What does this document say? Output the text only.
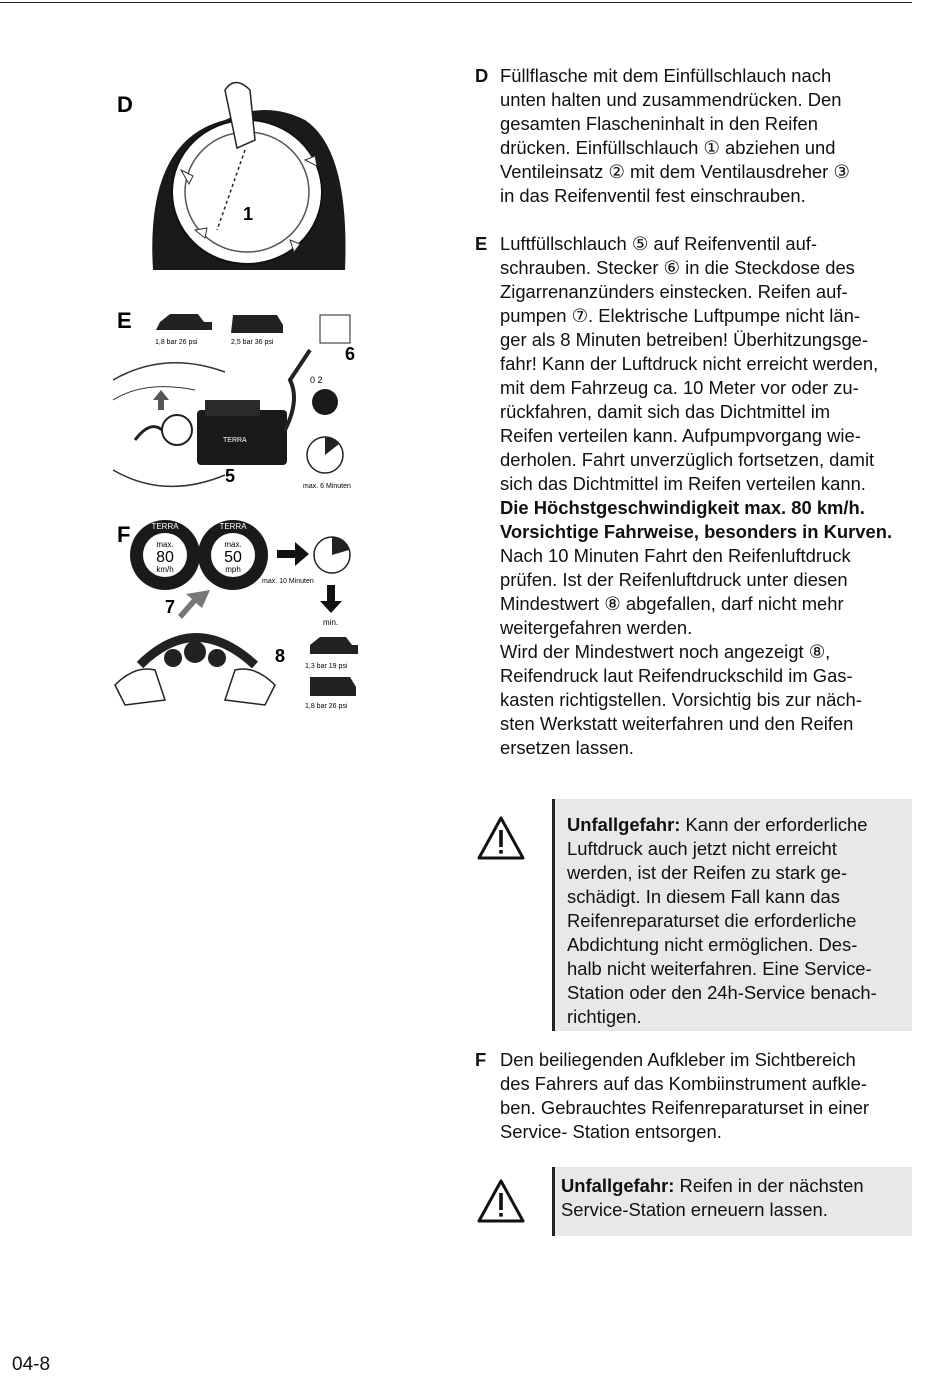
D
1
E
1,8 bar 26 psi	2,5 bar 36 psi
TERRA
6
0 2
max. 6 Minuten
5
F	max.
80
km/h
TERRA
max.
50
mph
TERRA
max. 10 Minuten
min.
7
8
1,3 bar 19 psi
1,8 bar 26 psi
D Füllflasche mit dem Einfüllschlauch nach

unten halten und zusammendrücken. Den

gesamten Flascheninhalt in den Reifen

drücken. Einfüllschlauch ① abziehen und

Ventileinsatz ② mit dem Ventilausdreher ③

in das Reifenventil fest einschrauben.

E Luftfüllschlauch ⑤ auf Reifenventil auf-

schrauben. Stecker ⑥ in die Steckdose des

Zigarrenanzünders einstecken. Reifen auf-

pumpen ⑦. Elektrische Luftpumpe nicht län-

ger als 8 Minuten betreiben! Überhitzungsge-

fahr! Kann der Luftdruck nicht erreicht werden,

mit dem Fahrzeug ca. 10 Meter vor oder zu-

rückfahren, damit sich das Dichtmittel im

Reifen verteilen kann. Aufpumpvorgang wie-

derholen. Fahrt unverzüglich fortsetzen, damit

sich das Dichtmittel im Reifen verteilen kann.

Die Höchstgeschwindigkeit max. 80 km/h.

Vorsichtige Fahrweise, besonders in Kurven.

Nach 10 Minuten Fahrt den Reifenluftdruck

prüfen. Ist der Reifenluftdruck unter diesen

Mindestwert ⑧ abgefallen, darf nicht mehr

weitergefahren werden.

Wird der Mindestwert noch angezeigt ⑧,

Reifendruck laut Reifendruckschild im Gas-

kasten richtigstellen. Vorsichtig bis zur näch-

sten Werkstatt weiterfahren und den Reifen

ersetzen lassen.

Unfallgefahr: Kann der erforderliche

Luftdruck auch jetzt nicht erreicht

werden, ist der Reifen zu stark ge-

schädigt. In diesem Fall kann das

Reifenreparaturset die erforderliche

Abdichtung nicht ermöglichen. Des-

halb nicht weiterfahren. Eine Service-

Station oder den 24h-Service benach-

richtigen.

F Den beiliegenden Aufkleber im Sichtbereich

des Fahrers auf das Kombiinstrument aufkle-

ben. Gebrauchtes Reifenreparaturset in einer

Service- Station entsorgen.

Unfallgefahr: Reifen in der nächsten

Service-Station erneuern lassen.

04-8
